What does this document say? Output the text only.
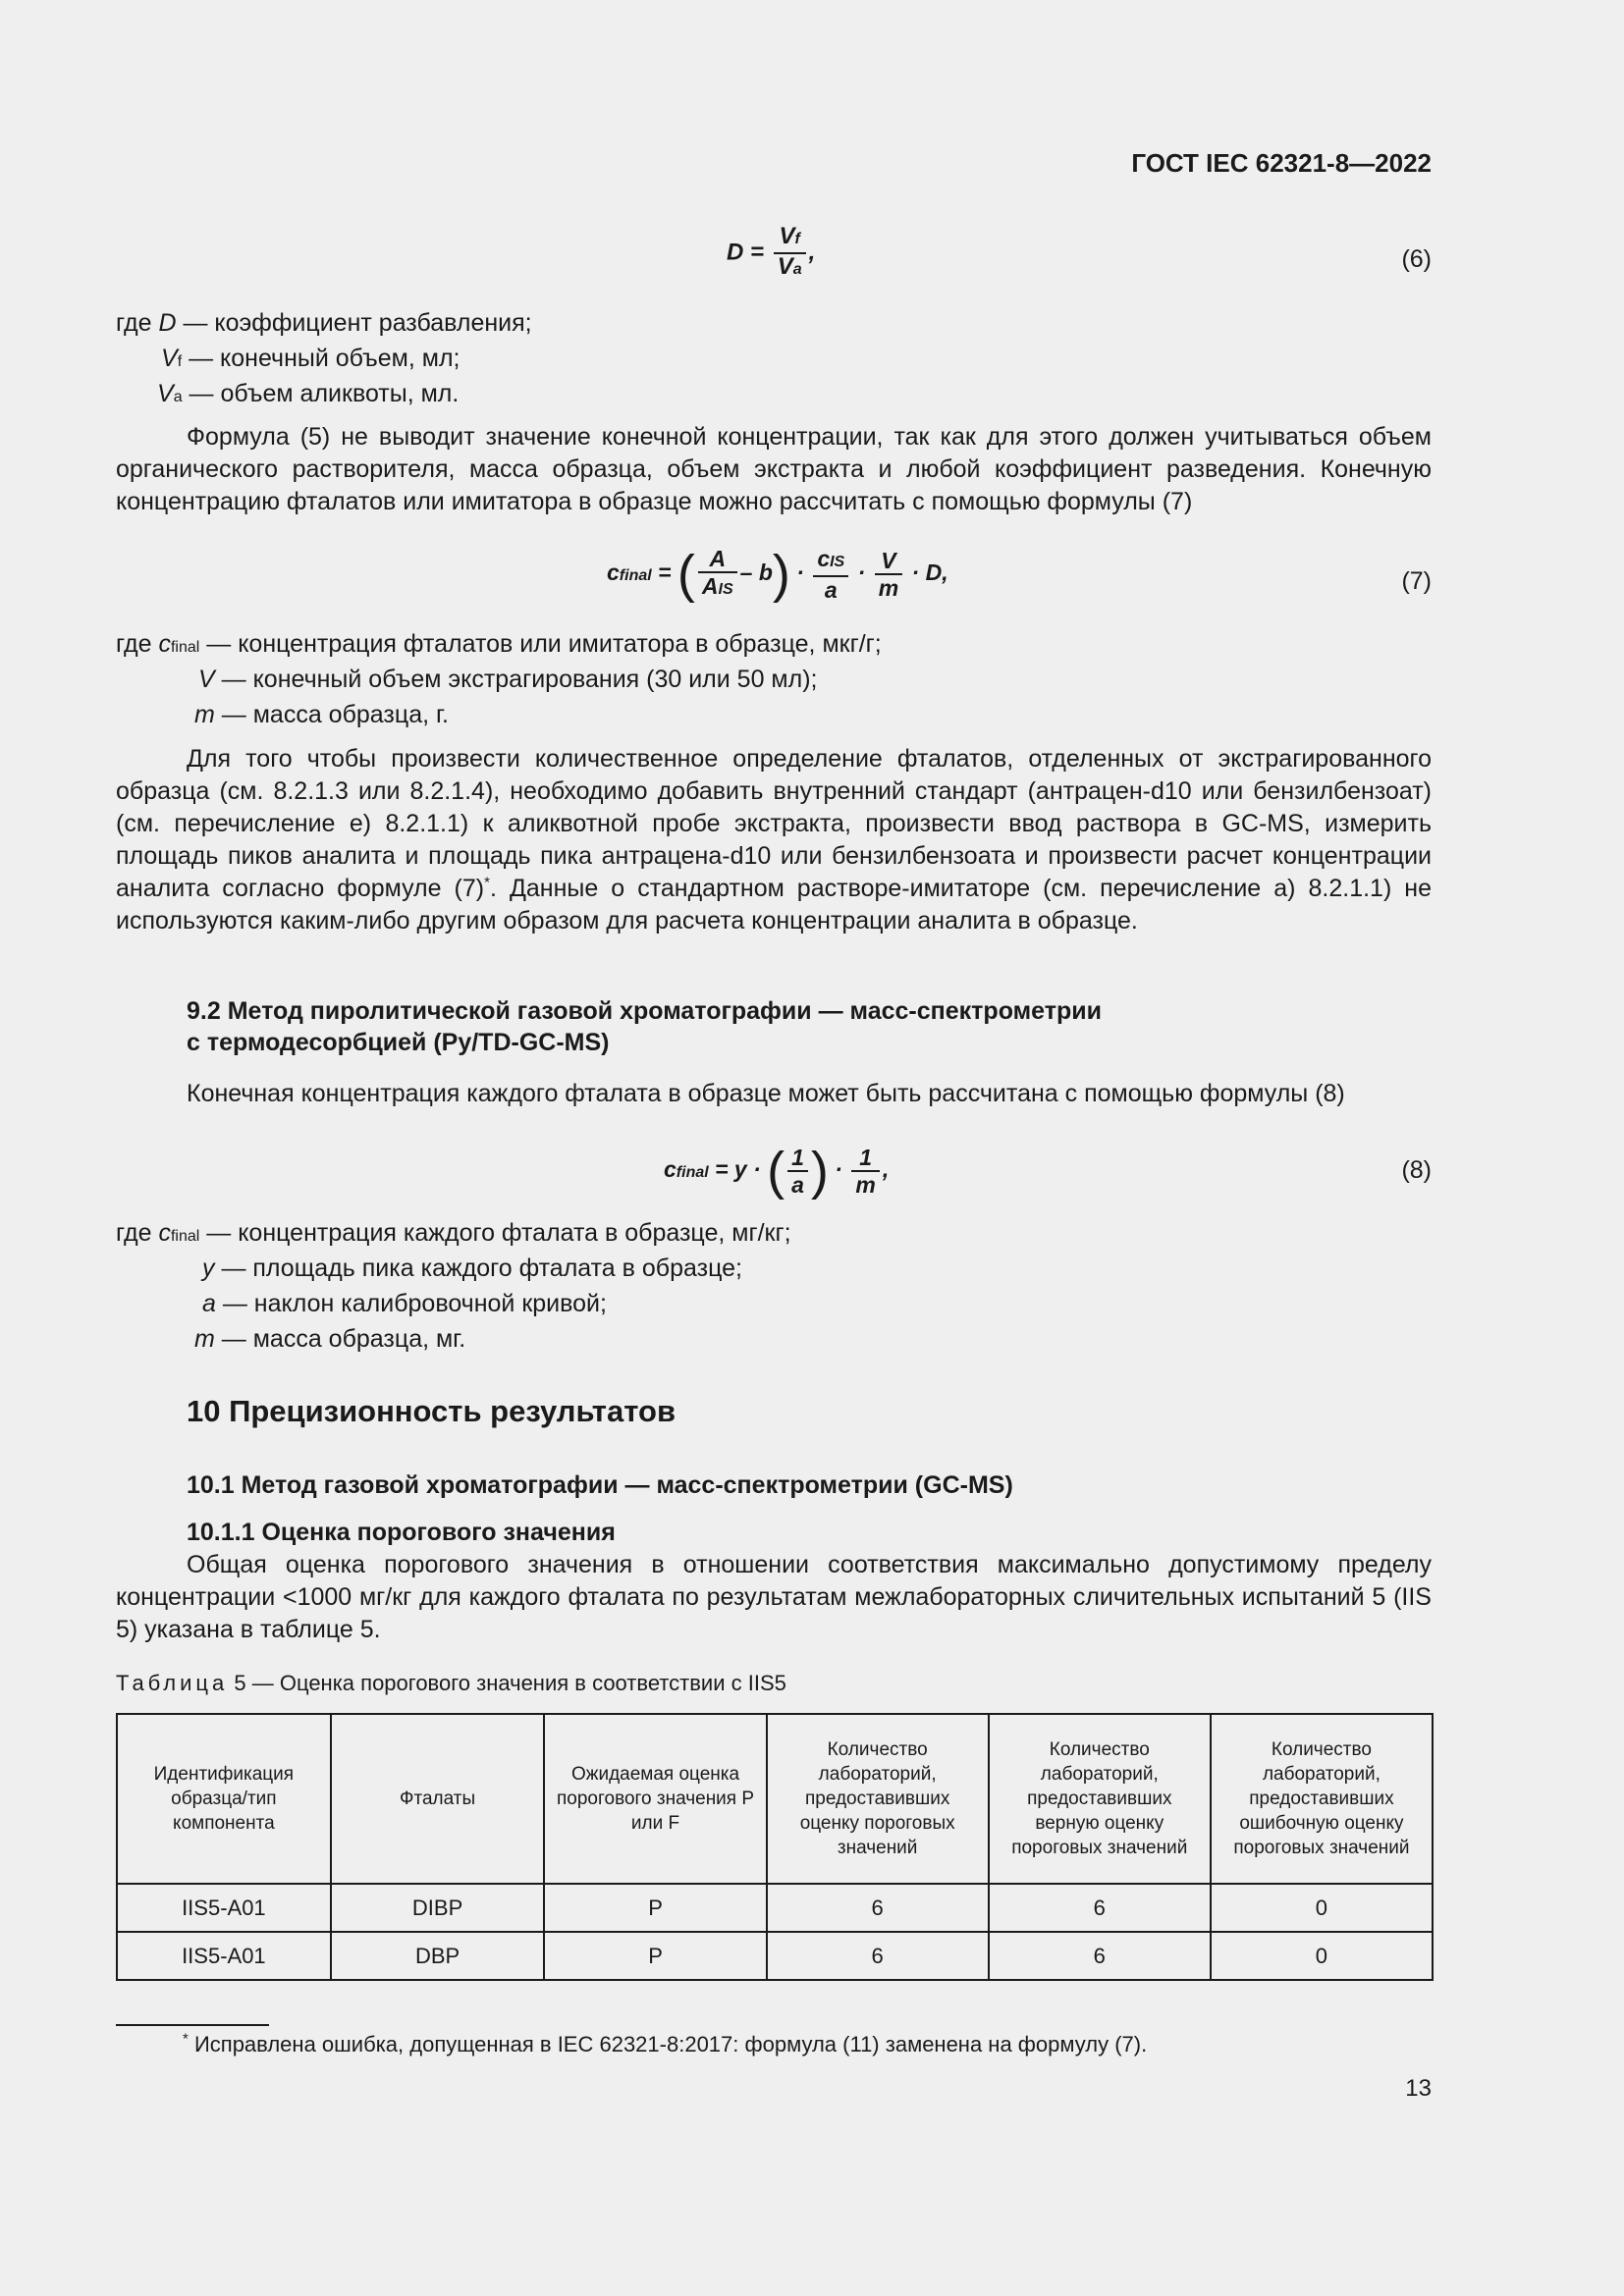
ГОСТ IEC 62321-8—2022
$D = \frac{Vf}{Va}$ ,	(6)
где D — коэффициент разбавления;
Vf — конечный объем, мл;
Va — объем аликвоты, мл.
Формула (5) не выводит значение конечной концентрации, так как для этого должен учитываться объем органического растворителя, масса образца, объем экстракта и любой коэффициент разведения. Конечную концентрацию фталатов или имитатора в образце можно рассчитать с помощью формулы (7)
cfinal = ( $\frac{A}{\text{AIS}} - b) \cdot \frac{\text{cIS}}{a} \cdot \frac{V}{m} \cdot D$,	(7)
где cfinal — концентрация фталатов или имитатора в образце, мкг/г;
V — конечный объем экстрагирования (30 или 50 мл);
m — масса образца, г.
Для того чтобы произвести количественное определение фталатов, отделенных от экстрагированного образца (см. 8.2.1.3 или 8.2.1.4), необходимо добавить внутренний стандарт (антрацен-d10 или бензилбензоат) (см. перечисление е) 8.2.1.1) к аликвотной пробе экстракта, произвести ввод раствора в GC-MS, измерить площадь пиков аналита и площадь пика антрацена-d10 или бензилбензоата и произвести расчет концентрации аналита согласно формуле (7)*. Данные о стандартном растворе-имитаторе (см. перечисление а) 8.2.1.1) не используются каким-либо другим образом для расчета концентрации аналита в образце.
9.2 Метод пиролитической газовой хроматографии — масс-спектрометрии
с термодесорбцией (Py/TD-GC-MS)
Конечная концентрация каждого фталата в образце может быть рассчитана с помощью формулы (8)
cfinal = y · ( $\frac{1}{a}$ ) · $\frac{1}{m}$ ,	(8)
где cfinal — концентрация каждого фталата в образце, мг/кг;
y — площадь пика каждого фталата в образце;
a — наклон калибровочной кривой;
m — масса образца, мг.
10 Прецизионность результатов
10.1 Метод газовой хроматографии — масс-спектрометрии (GC-MS)
10.1.1 Оценка порогового значения
Общая оценка порогового значения в отношении соответствия максимально допустимому пределу концентрации <1000 мг/кг для каждого фталата по результатам межлабораторных сличительных испытаний 5 (IIS 5) указана в таблице 5.
Таблица 5 — Оценка порогового значения в соответствии с IIS5
Идентификация образца/тип компонента	Фталаты	Ожидаемая оценка порогового значения P или F	Количество лабораторий, предоставивших оценку пороговых значений	Количество лабораторий, предоставивших верную оценку пороговых значений	Количество лабораторий, предоставивших ошибочную оценку пороговых значений
IIS5-A01	DIBP	P	6	6	0
IIS5-A01	DBP	P	6	6	0
* Исправлена ошибка, допущенная в IEC 62321-8:2017: формула (11) заменена на формулу (7).
13
